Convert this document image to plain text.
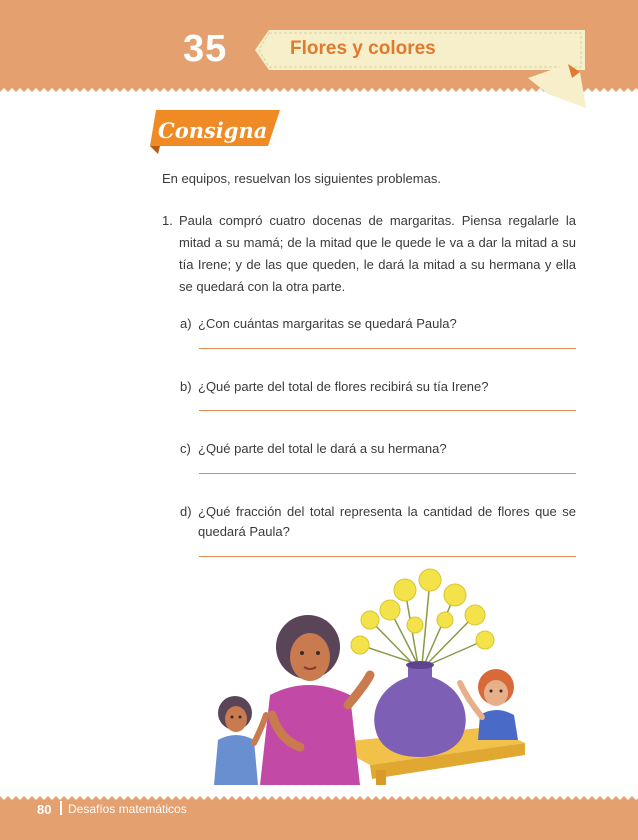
35	Flores y colores
Consigna 1
En equipos, resuelvan los siguientes problemas.
1. Paula compró cuatro docenas de margaritas. Piensa regalarle la mitad a su mamá; de la mitad que le quede le va a dar la mitad a su tía Irene; y de las que queden, le dará la mitad a su hermana y ella se quedará con la otra parte.
a) ¿Con cuántas margaritas se quedará Paula?
b) ¿Qué parte del total de flores recibirá su tía Irene?
c) ¿Qué parte del total le dará a su hermana?
d) ¿Qué fracción del total representa la cantidad de flores que se quedará Paula?
80 Desafíos matemáticos
